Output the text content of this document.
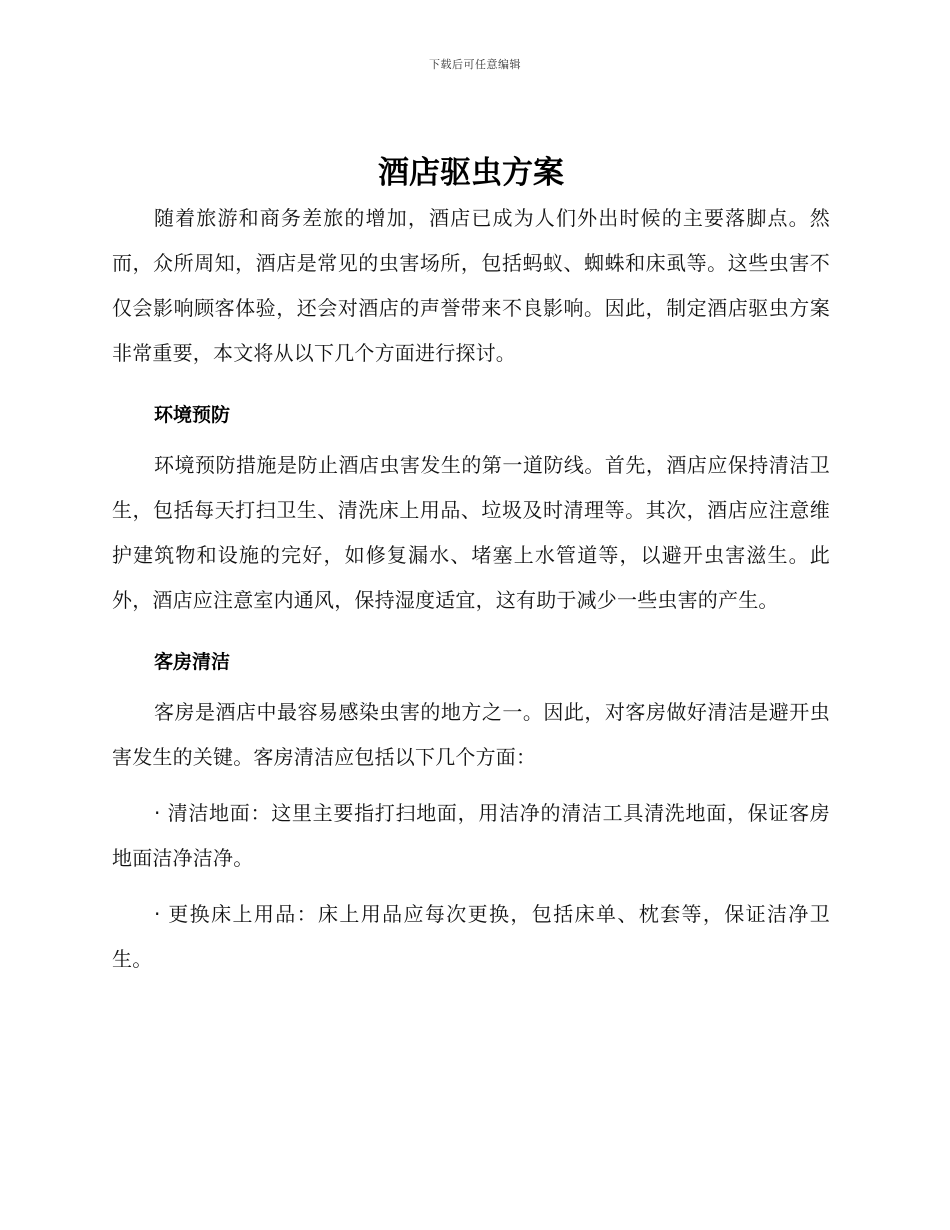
下载后可任意编辑
酒店驱虫方案

随着旅游和商务差旅的增加，酒店已成为人们外出时候的主要落脚点。然而，众所周知，酒店是常见的虫害场所，包括蚂蚁、蜘蛛和床虱等。这些虫害不仅会影响顾客体验，还会对酒店的声誉带来不良影响。因此，制定酒店驱虫方案非常重要，本文将从以下几个方面进行探讨。

环境预防

环境预防措施是防止酒店虫害发生的第一道防线。首先，酒店应保持清洁卫生，包括每天打扫卫生、清洗床上用品、垃圾及时清理等。其次，酒店应注意维护建筑物和设施的完好，如修复漏水、堵塞上水管道等，以避开虫害滋生。此外，酒店应注意室内通风，保持湿度适宜，这有助于减少一些虫害的产生。

客房清洁

客房是酒店中最容易感染虫害的地方之一。因此，对客房做好清洁是避开虫害发生的关键。客房清洁应包括以下几个方面：

· 清洁地面：这里主要指打扫地面，用洁净的清洁工具清洗地面，保证客房地面洁净洁净。

· 更换床上用品：床上用品应每次更换，包括床单、枕套等，保证洁净卫生。
